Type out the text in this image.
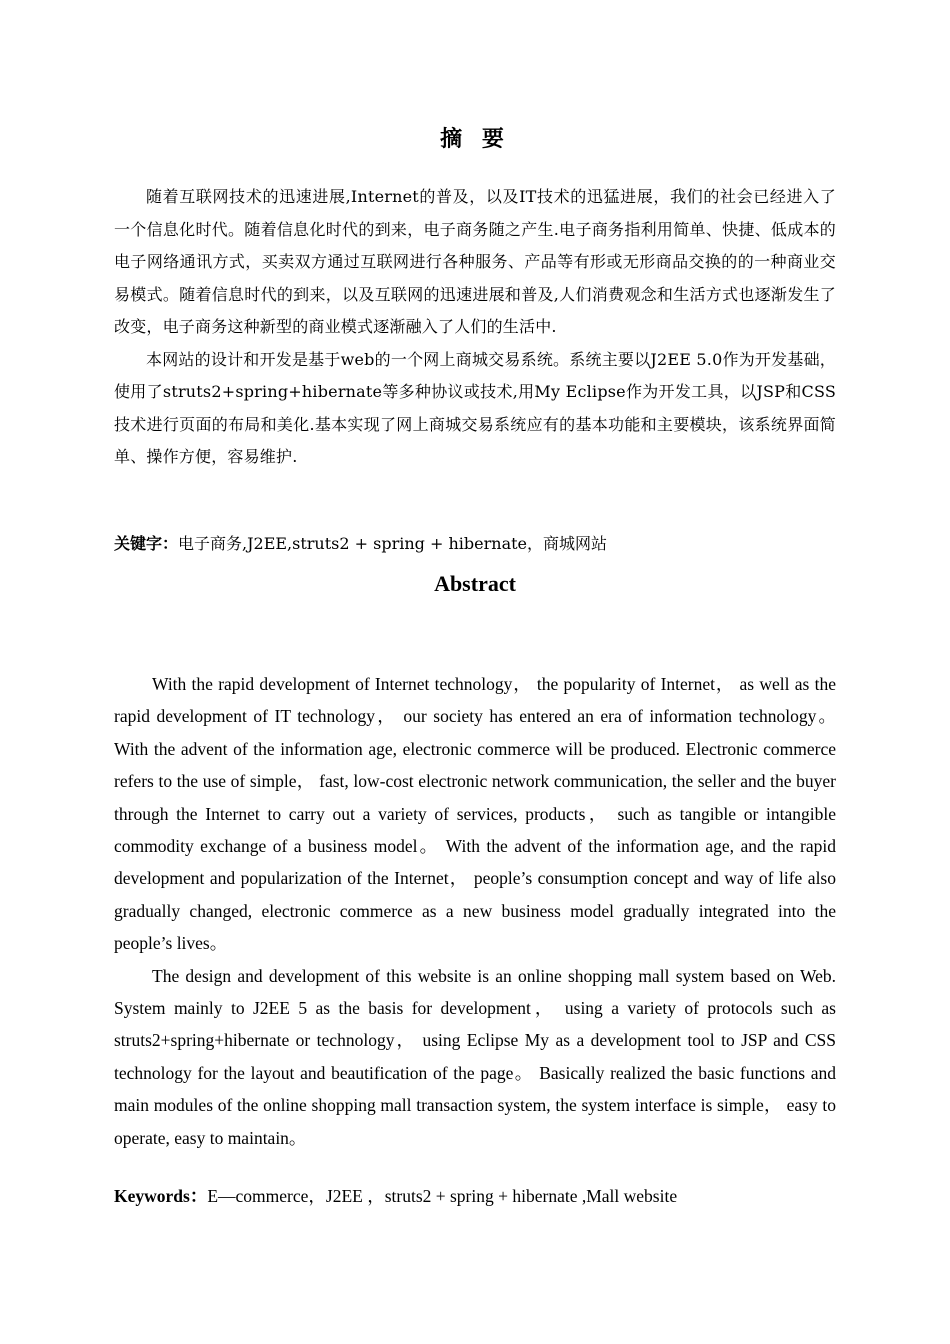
摘 要

随着互联网技术的迅速进展,Internet的普及，以及IT技术的迅猛进展，我们的社会已经进入了一个信息化时代。随着信息化时代的到来，电子商务随之产生.电子商务指利用简单、快捷、低成本的电子网络通讯方式，买卖双方通过互联网进行各种服务、产品等有形或无形商品交换的的一种商业交易模式。随着信息时代的到来，以及互联网的迅速进展和普及,人们消费观念和生活方式也逐渐发生了改变，电子商务这种新型的商业模式逐渐融入了人们的生活中.

本网站的设计和开发是基于web的一个网上商城交易系统。系统主要以J2EE 5.0作为开发基础，使用了struts2+spring+hibernate等多种协议或技术,用My Eclipse作为开发工具，以JSP和CSS技术进行页面的布局和美化.基本实现了网上商城交易系统应有的基本功能和主要模块，该系统界面简单、操作方便，容易维护.

关键字：电子商务,J2EE,struts2 + spring + hibernate，商城网站
Abstract

With the rapid development of Internet technology， the popularity of Internet， as well as the rapid development of IT technology， our society has entered an era of information technology。 With the advent of the information age, electronic commerce will be produced. Electronic commerce refers to the use of simple， fast, low-cost electronic network communication, the seller and the buyer through the Internet to carry out a variety of services, products， such as tangible or intangible commodity exchange of a business model。 With the advent of the information age, and the rapid development and popularization of the Internet， people’s consumption concept and way of life also gradually changed, electronic commerce as a new business model gradually integrated into the people’s lives。

The design and development of this website is an online shopping mall system based on Web. System mainly to J2EE 5 as the basis for development， using a variety of protocols such as struts2+spring+hibernate or technology， using Eclipse My as a development tool to JSP and CSS technology for the layout and beautification of the page。 Basically realized the basic functions and main modules of the online shopping mall transaction system, the system interface is simple， easy to operate, easy to maintain。

Keywords：E—commerce，J2EE ，struts2 + spring + hibernate ,Mall website
